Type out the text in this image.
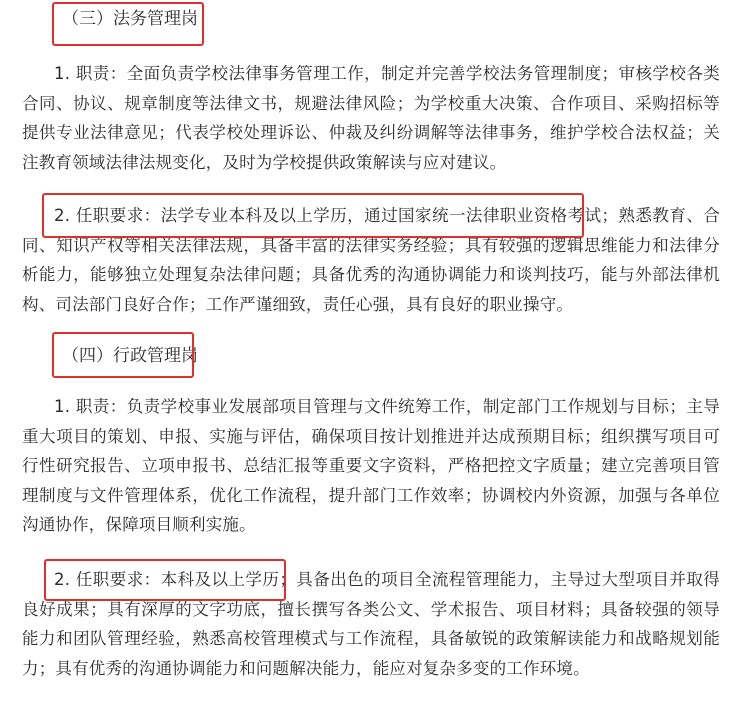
（三）法务管理岗
1. 职责：全面负责学校法律事务管理工作，制定并完善学校法务管理制度；审核学校各类合同、协议、规章制度等法律文书，规避法律风险；为学校重大决策、合作项目、采购招标等提供专业法律意见；代表学校处理诉讼、仲裁及纠纷调解等法律事务，维护学校合法权益；关注教育领域法律法规变化，及时为学校提供政策解读与应对建议。
2. 任职要求：法学专业本科及以上学历，通过国家统一法律职业资格考试；熟悉教育、合同、知识产权等相关法律法规，具备丰富的法律实务经验；具有较强的逻辑思维能力和法律分析能力，能够独立处理复杂法律问题；具备优秀的沟通协调能力和谈判技巧，能与外部法律机构、司法部门良好合作；工作严谨细致，责任心强，具有良好的职业操守。
（四）行政管理岗
1. 职责：负责学校事业发展部项目管理与文件统筹工作，制定部门工作规划与目标；主导重大项目的策划、申报、实施与评估，确保项目按计划推进并达成预期目标；组织撰写项目可行性研究报告、立项申报书、总结汇报等重要文字资料，严格把控文字质量；建立完善项目管理制度与文件管理体系，优化工作流程，提升部门工作效率；协调校内外资源，加强与各单位沟通协作，保障项目顺利实施。
2. 任职要求：本科及以上学历；具备出色的项目全流程管理能力，主导过大型项目并取得良好成果；具有深厚的文字功底，擅长撰写各类公文、学术报告、项目材料；具备较强的领导能力和团队管理经验，熟悉高校管理模式与工作流程，具备敏锐的政策解读能力和战略规划能力；具有优秀的沟通协调能力和问题解决能力，能应对复杂多变的工作环境。
